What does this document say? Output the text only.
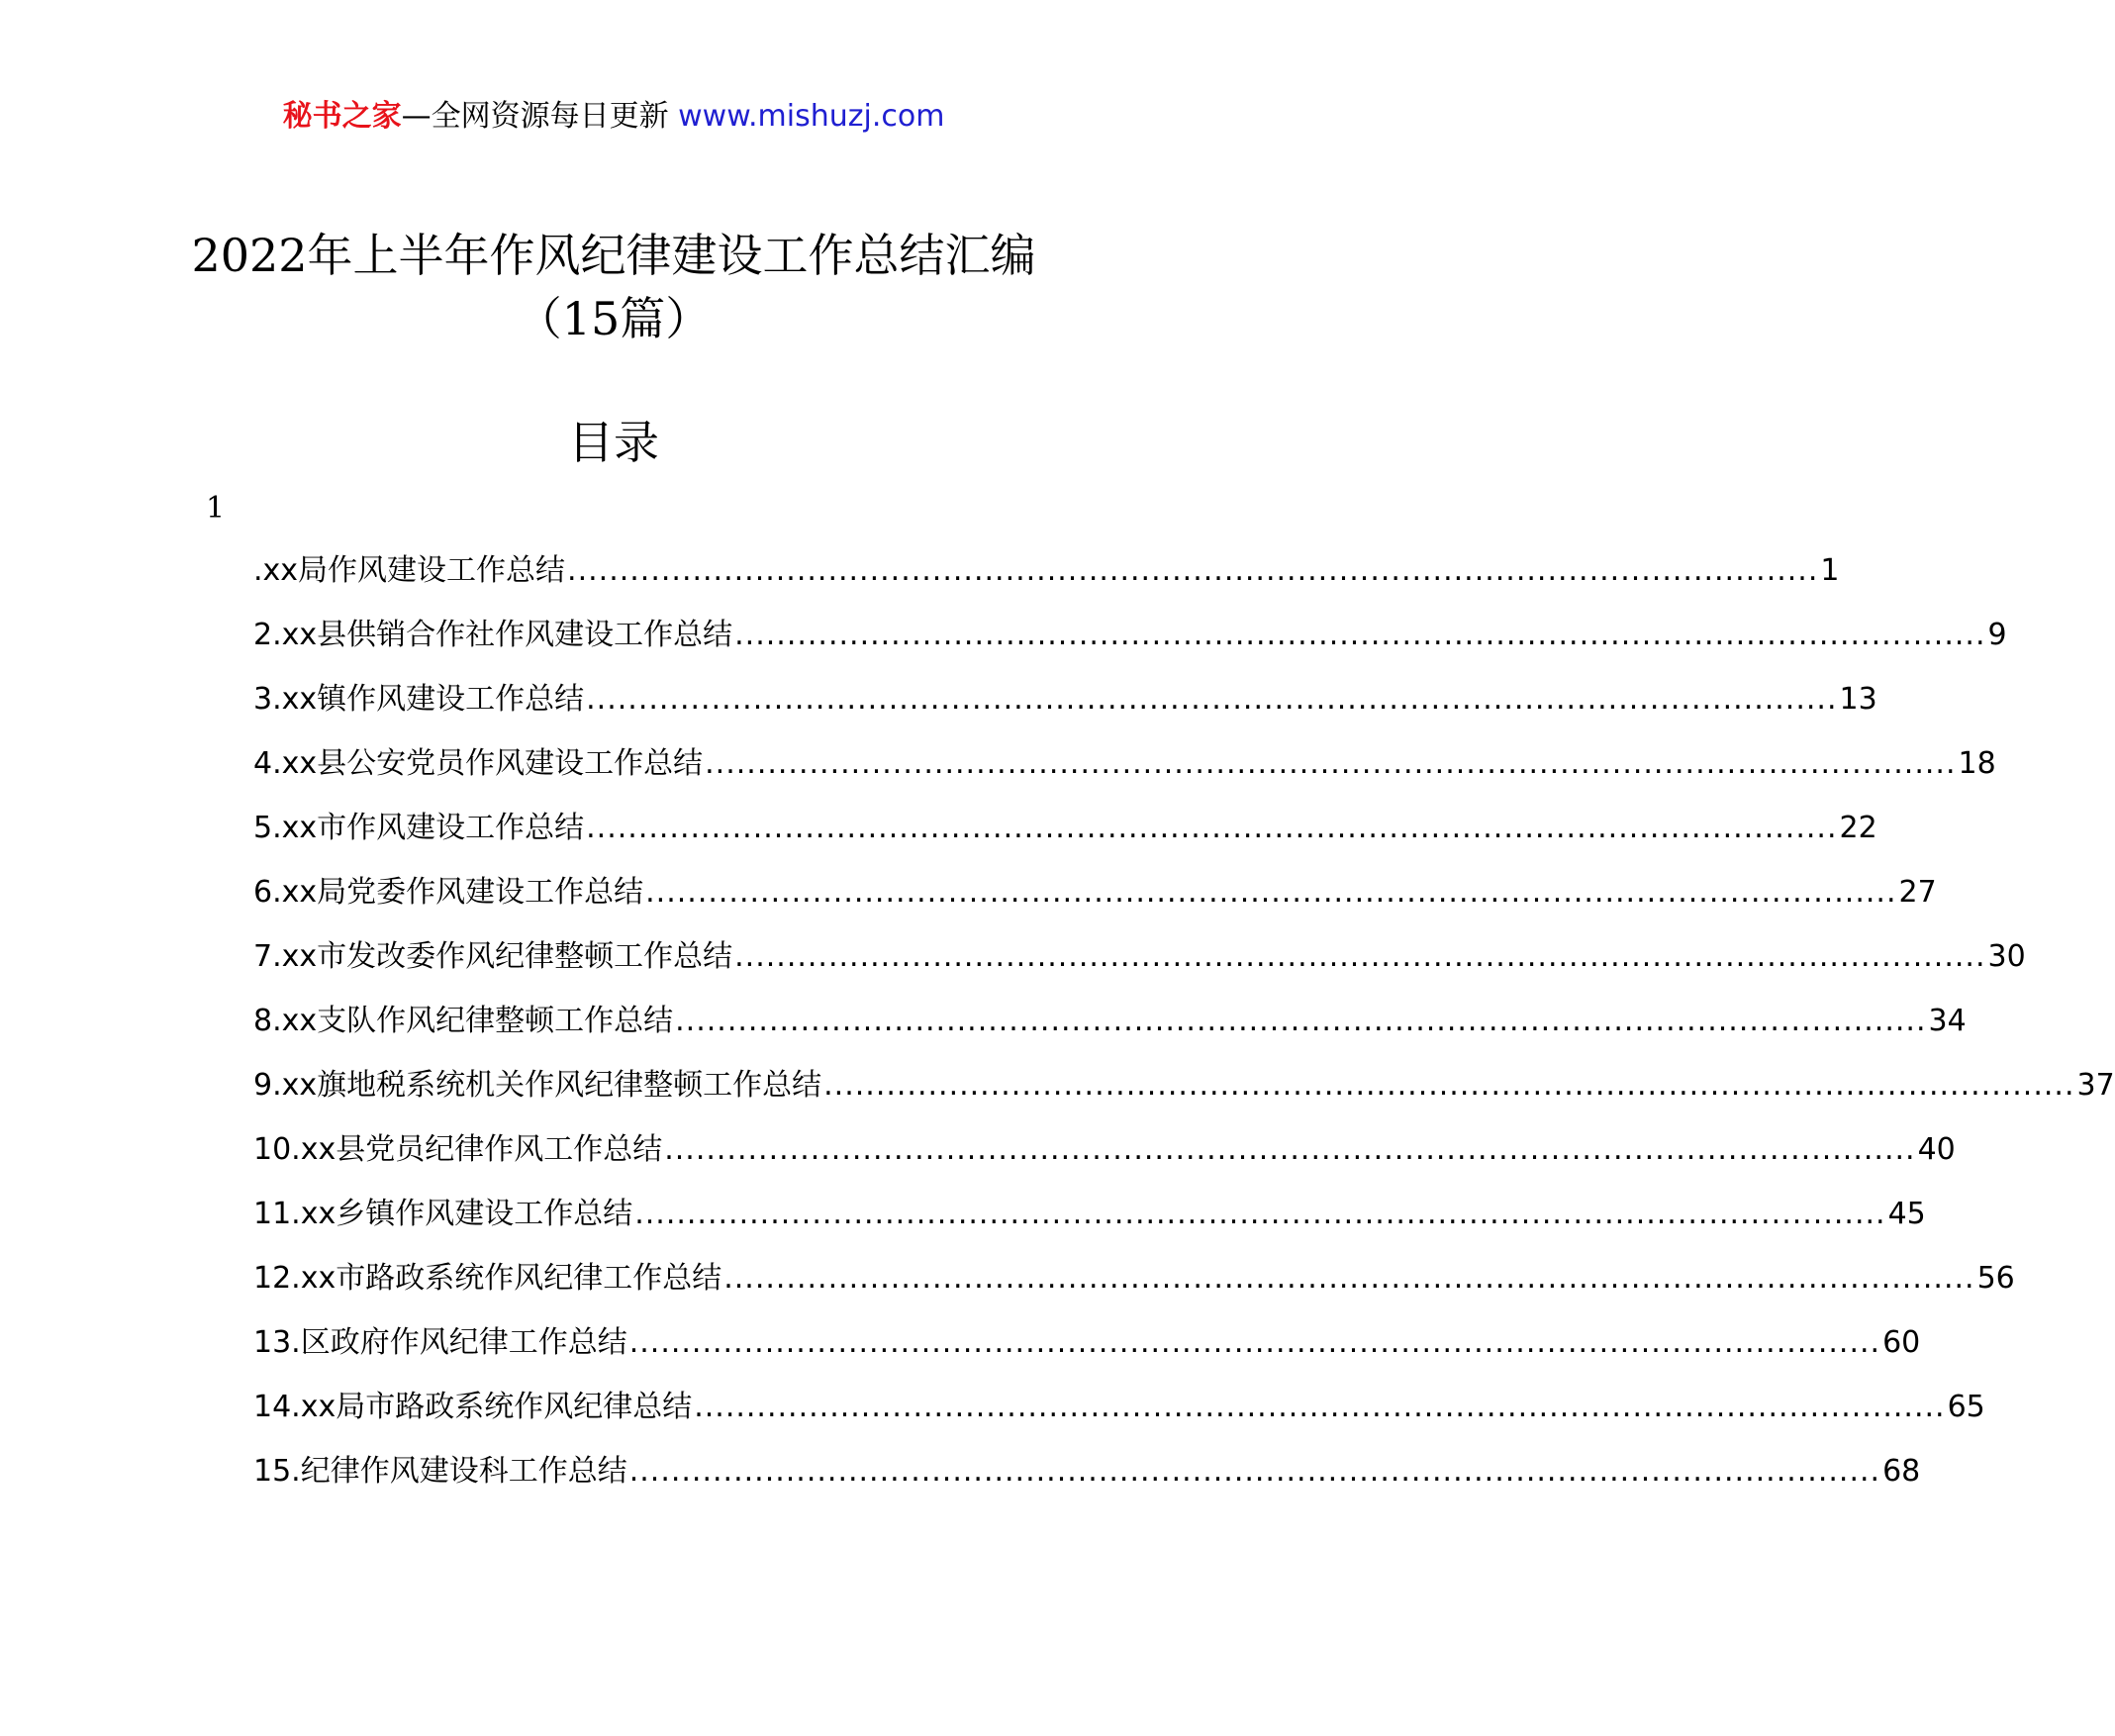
秘书之家—全网资源每日更新 www.mishuzj.com
2022年上半年作风纪律建设工作总结汇编
（15篇）
目录
1
.xx局作风建设工作总结 ........................................................................................................................ 1
2.xx县供销合作社作风建设工作总结 ........................................................................................................................ 9
3.xx镇作风建设工作总结 ........................................................................................................................ 13
4.xx县公安党员作风建设工作总结 ........................................................................................................................ 18
5.xx市作风建设工作总结 ........................................................................................................................ 22
6.xx局党委作风建设工作总结 ........................................................................................................................ 27
7.xx市发改委作风纪律整顿工作总结 ........................................................................................................................ 30
8.xx支队作风纪律整顿工作总结 ........................................................................................................................ 34
9.xx旗地税系统机关作风纪律整顿工作总结 ........................................................................................................................ 37
10.xx县党员纪律作风工作总结 ........................................................................................................................ 40
11.xx乡镇作风建设工作总结 ........................................................................................................................ 45
12.xx市路政系统作风纪律工作总结 ........................................................................................................................ 56
13.区政府作风纪律工作总结 ........................................................................................................................ 60
14.xx局市路政系统作风纪律总结 ........................................................................................................................ 65
15.纪律作风建设科工作总结 ........................................................................................................................ 68
